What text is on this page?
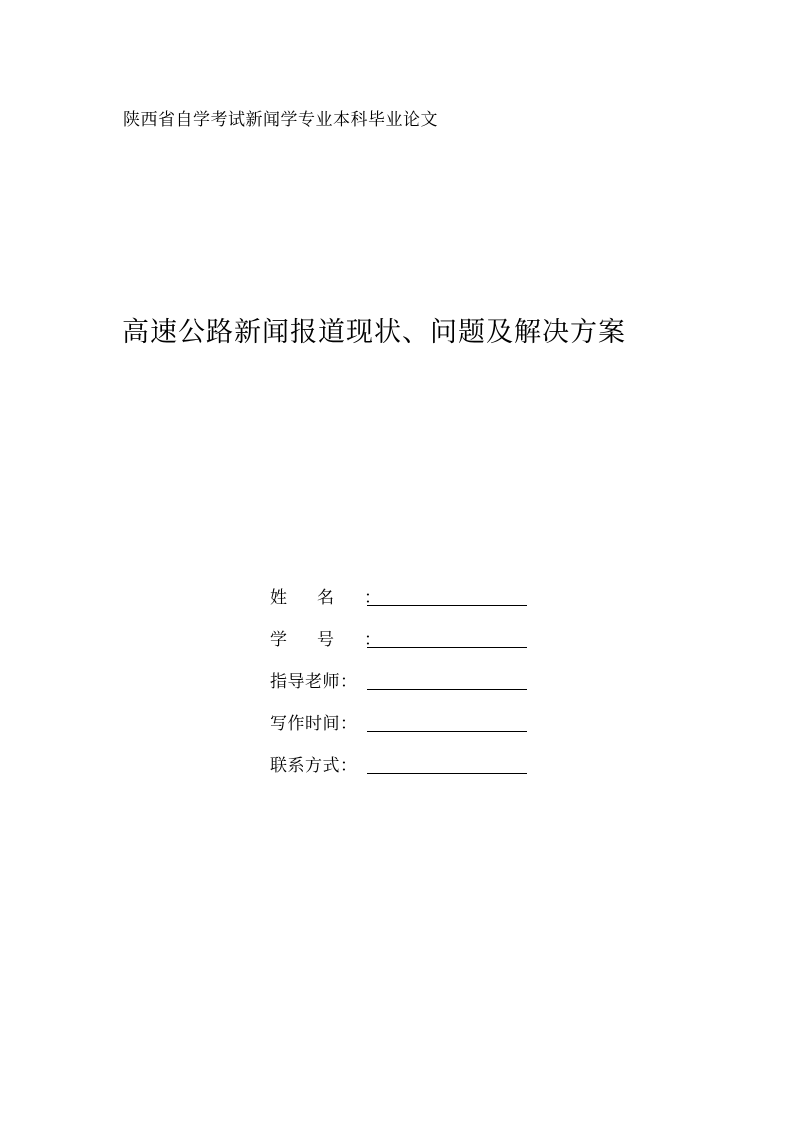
陕西省自学考试新闻学专业本科毕业论文
高速公路新闻报道现状、问题及解决方案
姓名 ：
学号 ：
指导老师 ：
写作时间 ：
联系方式 ：
